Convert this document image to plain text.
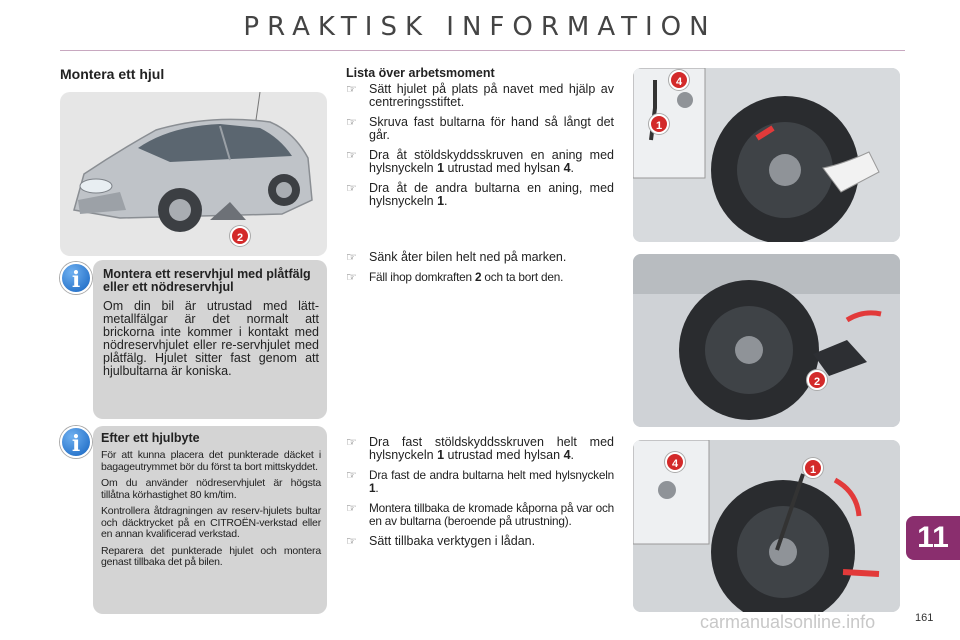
PRAKTISK INFORMATION
Montera ett hjul
2
Montera ett reservhjul med plåtfälg eller ett nödreservhjul
Om din bil är utrustad med lätt-metallfälgar är det normalt att brickorna inte kommer i kontakt med nödreservhjulet eller re-servhjulet med plåtfälg. Hjulet sitter fast genom att hjulbultarna är koniska.
i
Efter ett hjulbyte

För att kunna placera det punkterade däcket i bagageutrymmet bör du först ta bort mittskyddet.

Om du använder nödreservhjulet är högsta tillåtna körhastighet 80 km/tim.

Kontrollera åtdragningen av reserv-hjulets bultar och däcktrycket på en CITROËN-verkstad eller en annan kvalificerad verkstad.

Reparera det punkterade hjulet och montera genast tillbaka det på bilen.

i
Lista över arbetsmoment
☞ Sätt hjulet på plats på navet med hjälp av centreringsstiftet.
☞ Skruva fast bultarna för hand så långt det går.
☞ Dra åt stöldskyddsskruven en aning med hylsnyckeln 1 utrustad med hylsan 4.
☞ Dra åt de andra bultarna en aning, med hylsnyckeln 1.
☞ Sänk åter bilen helt ned på marken.
☞ Fäll ihop domkraften 2 och ta bort den.
☞ Dra fast stöldskyddsskruven helt med hylsnyckeln 1 utrustad med hylsan 4.
☞ Dra fast de andra bultarna helt med hylsnyckeln 1.
☞ Montera tillbaka de kromade kåporna på var och en av bultarna (beroende på utrustning).
☞ Sätt tillbaka verktygen i lådan.
4
1
2
4	1
11
carmanualsonline.info	161
